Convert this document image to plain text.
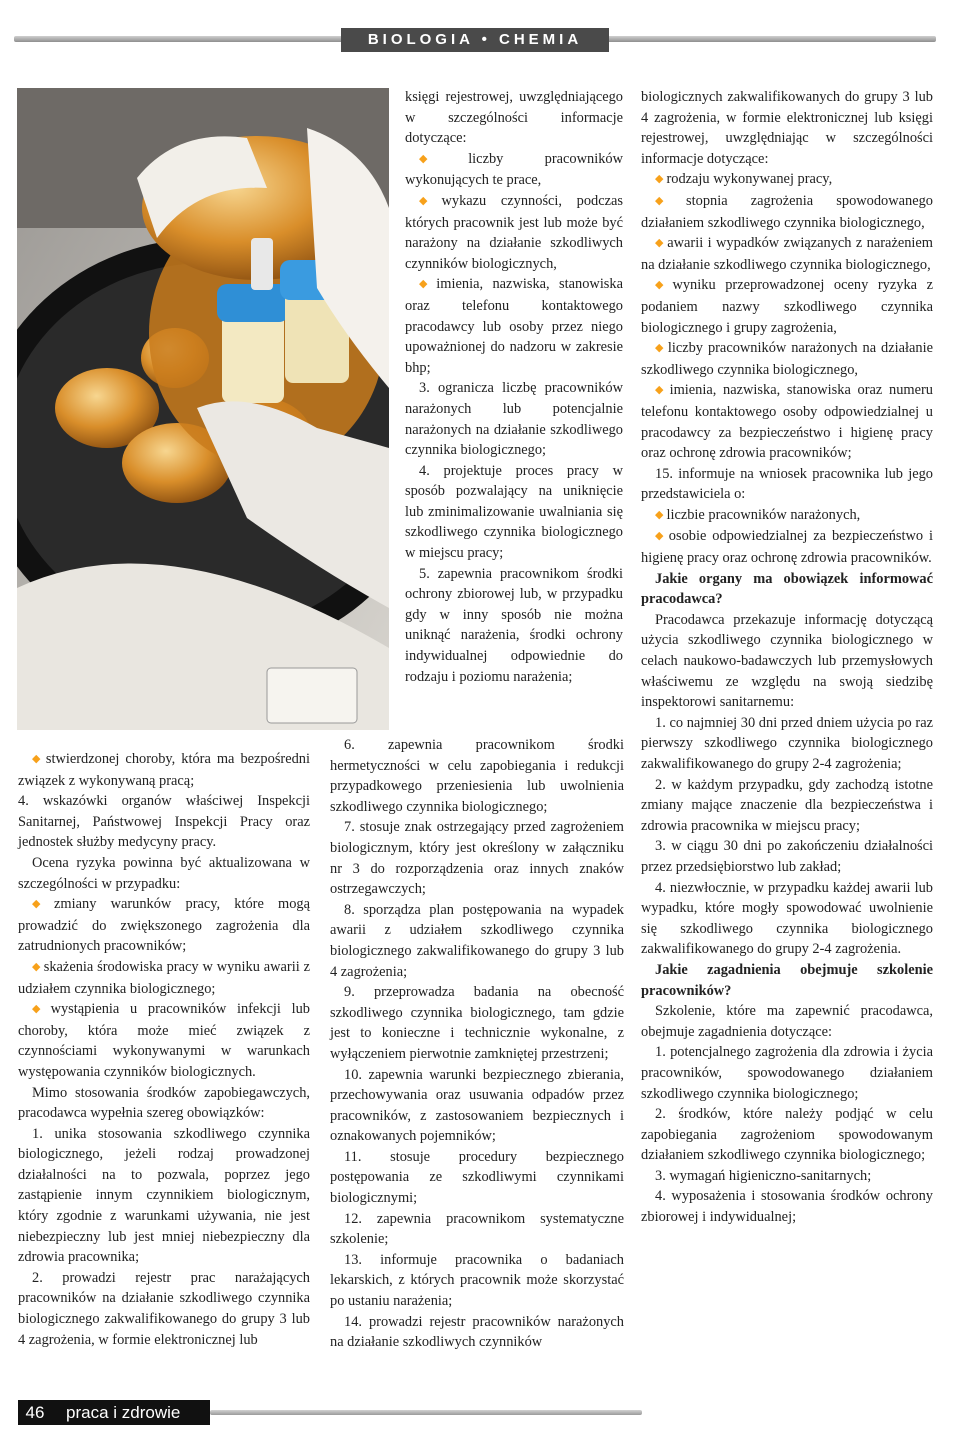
BIOLOGIA • CHEMIA

◆ stwierdzonej choroby, która ma bezpośredni związek z wykonywaną pracą;

4. wskazówki organów właściwej Inspekcji Sanitarnej, Państwowej Inspekcji Pracy oraz jednostek służby medycyny pracy.

Ocena ryzyka powinna być aktualizowana w szczególności w przypadku:

◆ zmiany warunków pracy, które mogą prowadzić do zwiększonego zagrożenia dla zatrudnionych pracowników;

◆ skażenia środowiska pracy w wyniku awarii z udziałem czynnika biologicznego;

◆ wystąpienia u pracowników infekcji lub choroby, która może mieć związek z czynnościami wykonywanymi w warunkach występowania czynników biologicznych.

Mimo stosowania środków zapobiegawczych, pracodawca wypełnia szereg obowiązków:

1. unika stosowania szkodliwego czynnika biologicznego, jeżeli rodzaj prowadzonej działalności na to pozwala, poprzez jego zastąpienie innym czynnikiem biologicznym, który zgodnie z warunkami używania, nie jest niebezpieczny lub jest mniej niebezpieczny dla zdrowia pracownika;

2. prowadzi rejestr prac narażających pracowników na działanie szkodliwego czynnika biologicznego zakwalifikowanego do grupy 3 lub 4 zagrożenia, w formie elektronicznej lub

księgi rejestrowej, uwzględniającego w szczególności informacje dotyczące:

◆ liczby pracowników wykonujących te prace,

◆ wykazu czynności, podczas których pracownik jest lub może być narażony na działanie szkodliwych czynników biologicznych,

◆ imienia, nazwiska, stanowiska oraz telefonu kontaktowego pracodawcy lub osoby przez niego upoważnionej do nadzoru w zakresie bhp;

3. ogranicza liczbę pracowników narażonych lub potencjalnie narażonych na działanie szkodliwego czynnika biologicznego;

4. projektuje proces pracy w sposób pozwalający na uniknięcie lub zminimalizowanie uwalniania się szkodliwego czynnika biologicznego w miejscu pracy;

5. zapewnia pracownikom środki ochrony zbiorowej lub, w przypadku gdy w inny sposób nie można uniknąć narażenia, środki ochrony indywidualnej odpowiednie do rodzaju i poziomu narażenia;

6. zapewnia pracownikom środki hermetyczności w celu zapobiegania i redukcji przypadkowego przeniesienia lub uwolnienia szkodliwego czynnika biologicznego;

7. stosuje znak ostrzegający przed zagrożeniem biologicznym, który jest określony w załączniku nr 3 do rozporządzenia oraz innych znaków ostrzegawczych;

8. sporządza plan postępowania na wypadek awarii z udziałem szkodliwego czynnika biologicznego zakwalifikowanego do grupy 3 lub 4 zagrożenia;

9. przeprowadza badania na obecność szkodliwego czynnika biologicznego, tam gdzie jest to konieczne i technicznie wykonalne, z wyłączeniem pierwotnie zamkniętej przestrzeni;

10. zapewnia warunki bezpiecznego zbierania, przechowywania oraz usuwania odpadów przez pracowników, z zastosowaniem bezpiecznych i oznakowanych pojemników;

11. stosuje procedury bezpiecznego postępowania ze szkodliwymi czynnikami biologicznymi;

12. zapewnia pracownikom systematyczne szkolenie;

13. informuje pracownika o badaniach lekarskich, z których pracownik może skorzystać po ustaniu narażenia;

14. prowadzi rejestr pracowników narażonych na działanie szkodliwych czynników

biologicznych zakwalifikowanych do grupy 3 lub 4 zagrożenia, w formie elektronicznej lub księgi rejestrowej, uwzględniając w szczególności informacje dotyczące:

◆ rodzaju wykonywanej pracy,

◆ stopnia zagrożenia spowodowanego działaniem szkodliwego czynnika biologicznego,

◆ awarii i wypadków związanych z narażeniem na działanie szkodliwego czynnika biologicznego,

◆ wyniku przeprowadzonej oceny ryzyka z podaniem nazwy szkodliwego czynnika biologicznego i grupy zagrożenia,

◆ liczby pracowników narażonych na działanie szkodliwego czynnika biologicznego,

◆ imienia, nazwiska, stanowiska oraz numeru telefonu kontaktowego osoby odpowiedzialnej u pracodawcy za bezpieczeństwo i higienę pracy oraz ochronę zdrowia pracowników;

15. informuje na wniosek pracownika lub jego przedstawiciela o:

◆ liczbie pracowników narażonych,

◆ osobie odpowiedzialnej za bezpieczeństwo i higienę pracy oraz ochronę zdrowia pracowników.

Jakie organy ma obowiązek informować pracodawca?

Pracodawca przekazuje informację dotyczącą użycia szkodliwego czynnika biologicznego w celach naukowo-badawczych lub przemysłowych właściwemu ze względu na swoją siedzibę inspektorowi sanitarnemu:

1. co najmniej 30 dni przed dniem użycia po raz pierwszy szkodliwego czynnika biologicznego zakwalifikowanego do grupy 2-4 zagrożenia;

2. w każdym przypadku, gdy zachodzą istotne zmiany mające znaczenie dla bezpieczeństwa i zdrowia pracownika w miejscu pracy;

3. w ciągu 30 dni po zakończeniu działalności przez przedsiębiorstwo lub zakład;

4. niezwłocznie, w przypadku każdej awarii lub wypadku, które mogły spowodować uwolnienie się szkodliwego czynnika biologicznego zakwalifikowanego do grupy 2-4 zagrożenia.

Jakie zagadnienia obejmuje szkolenie pracowników?

Szkolenie, które ma zapewnić pracodawca, obejmuje zagadnienia dotyczące:

1. potencjalnego zagrożenia dla zdrowia i życia pracowników, spowodowanego działaniem szkodliwego czynnika biologicznego;

2. środków, które należy podjąć w celu zapobiegania zagrożeniom spowodowanym działaniem szkodliwego czynnika biologicznego;

3. wymagań higieniczno-sanitarnych;

4. wyposażenia i stosowania środków ochrony zbiorowej i indywidualnej;

46 praca i zdrowie
